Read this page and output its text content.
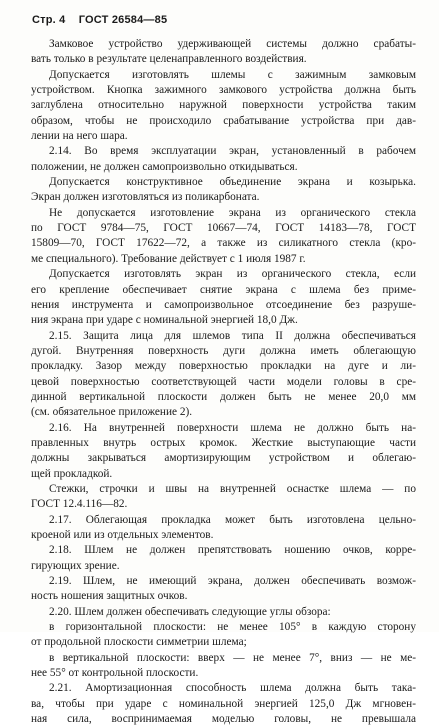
Стр. 4 ГОСТ 26584—85
Замковое устройство удерживающей системы должно срабаты-
вать только в результате целенаправленного воздействия.
Допускается изготовлять шлемы с зажимным замковым
устройством. Кнопка зажимного замкового устройства должна быть
заглублена относительно наружной поверхности устройства таким
образом, чтобы не происходило срабатывание устройства при дав-
лении на него шара.
2.14. Во время эксплуатации экран, установленный в рабочем
положении, не должен самопроизвольно откидываться.
Допускается конструктивное объединение экрана и козырька.
Экран должен изготовляться из поликарбоната.
Не допускается изготовление экрана из органического стекла
по ГОСТ 9784—75, ГОСТ 10667—74, ГОСТ 14183—78, ГОСТ
15809—70, ГОСТ 17622—72, а также из силикатного стекла (кро-
ме специального). Требование действует с 1 июля 1987 г.
Допускается изготовлять экран из органического стекла, если
его крепление обеспечивает снятие экрана с шлема без приме-
нения инструмента и самопроизвольное отсоединение без разруше-
ния экрана при ударе с номинальной энергией 18,0 Дж.
2.15. Защита лица для шлемов типа II должна обеспечиваться
дугой. Внутренняя поверхность дуги должна иметь облегающую
прокладку. Зазор между поверхностью прокладки на дуге и ли-
цевой поверхностью соответствующей части модели головы в сре-
динной вертикальной плоскости должен быть не менее 20,0 мм
(см. обязательное приложение 2).
2.16. На внутренней поверхности шлема не должно быть на-
правленных внутрь острых кромок. Жесткие выступающие части
должны закрываться амортизирующим устройством и облегаю-
щей прокладкой.
Стежки, строчки и швы на внутренней оснастке шлема — по
ГОСТ 12.4.116—82.
2.17. Облегающая прокладка может быть изготовлена цельно-
кроеной или из отдельных элементов.
2.18. Шлем не должен препятствовать ношению очков, корре-
гирующих зрение.
2.19. Шлем, не имеющий экрана, должен обеспечивать возмож-
ность ношения защитных очков.
2.20. Шлем должен обеспечивать следующие углы обзора:
в горизонтальной плоскости: не менее 105° в каждую сторону
от продольной плоскости симметрии шлема;
в вертикальной плоскости: вверх — не менее 7°, вниз — не ме-
нее 55° от контрольной плоскости.
2.21. Амортизационная способность шлема должна быть така-
ва, чтобы при ударе с номинальной энергией 125,0 Дж мгновен-
ная сила, воспринимаемая моделью головы, не превышала
